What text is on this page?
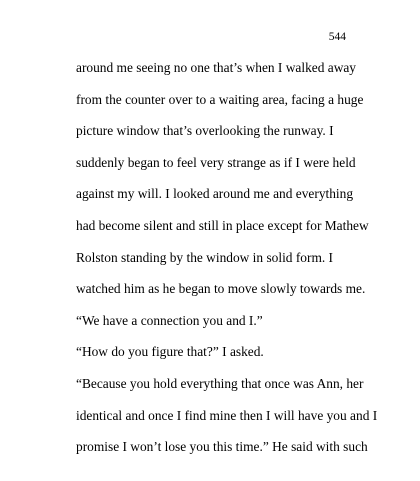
544
around me seeing no one that’s when I walked away
from the counter over to a waiting area, facing a huge
picture window that’s overlooking the runway. I
suddenly began to feel very strange as if I were held
against my will. I looked around me and everything
had become silent and still in place except for Mathew
Rolston standing by the window in solid form. I
watched him as he began to move slowly towards me.
“We have a connection you and I.”
“How do you figure that?” I asked.
“Because you hold everything that once was Ann, her
identical and once I find mine then I will have you and I
promise I won’t lose you this time.” He said with such
